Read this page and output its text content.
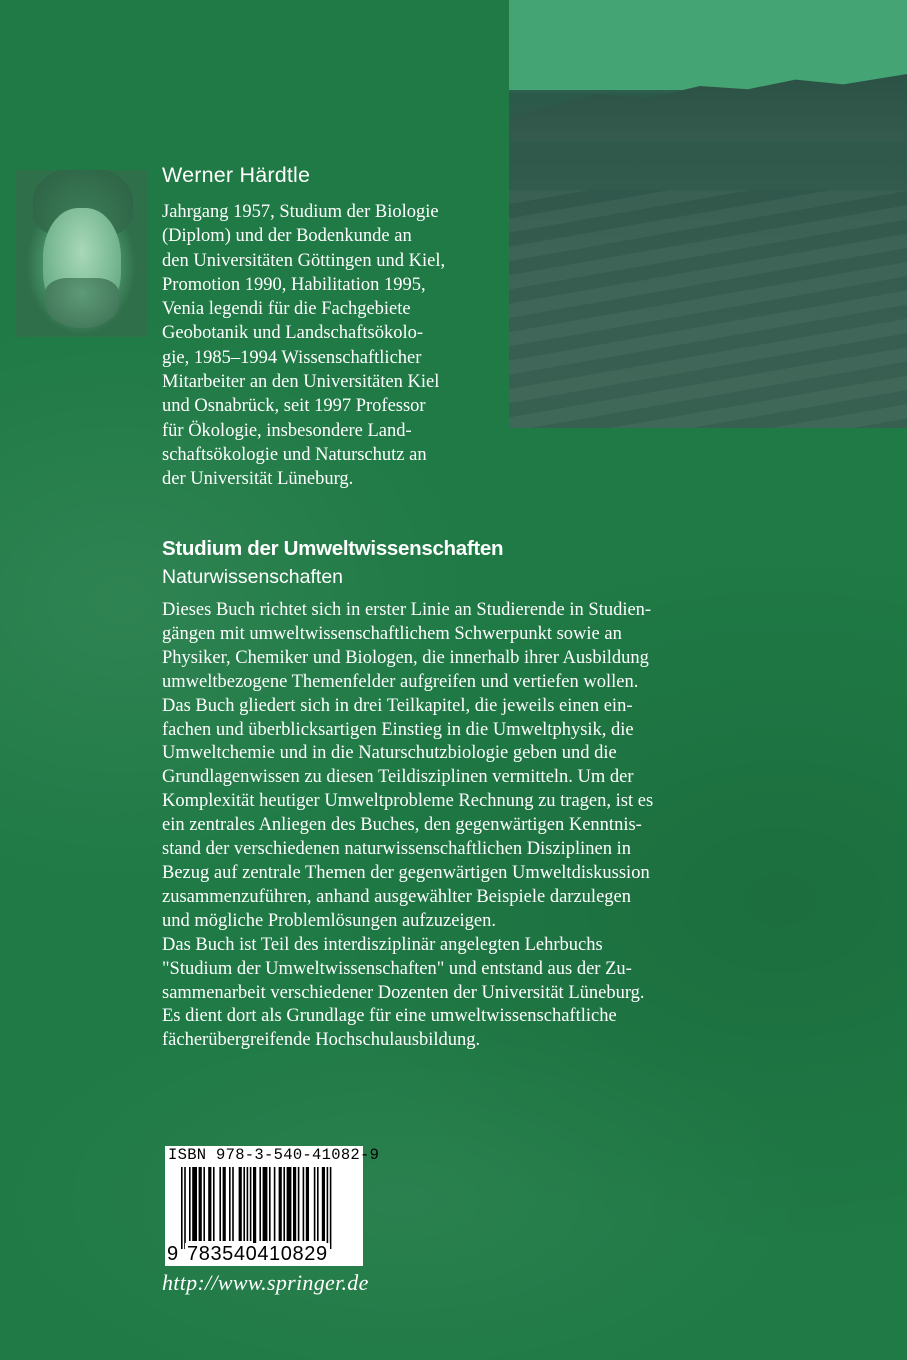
Werner Härdtle
Jahrgang 1957, Studium der Biologie
(Diplom) und der Bodenkunde an
den Universitäten Göttingen und Kiel,
Promotion 1990, Habilitation 1995,
Venia legendi für die Fachgebiete
Geobotanik und Landschaftsökolo-
gie, 1985–1994 Wissenschaftlicher
Mitarbeiter an den Universitäten Kiel
und Osnabrück, seit 1997 Professor
für Ökologie, insbesondere Land-
schaftsökologie und Naturschutz an
der Universität Lüneburg.
Studium der Umweltwissenschaften
Naturwissenschaften
Dieses Buch richtet sich in erster Linie an Studierende in Studien-
gängen mit umweltwissenschaftlichem Schwerpunkt sowie an
Physiker, Chemiker und Biologen, die innerhalb ihrer Ausbildung
umweltbezogene Themenfelder aufgreifen und vertiefen wollen.
Das Buch gliedert sich in drei Teilkapitel, die jeweils einen ein-
fachen und überblicksartigen Einstieg in die Umweltphysik, die
Umweltchemie und in die Naturschutzbiologie geben und die
Grundlagenwissen zu diesen Teildisziplinen vermitteln. Um der
Komplexität heutiger Umweltprobleme Rechnung zu tragen, ist es
ein zentrales Anliegen des Buches, den gegenwärtigen Kenntnis-
stand der verschiedenen naturwissenschaftlichen Disziplinen in
Bezug auf zentrale Themen der gegenwärtigen Umweltdiskussion
zusammenzuführen, anhand ausgewählter Beispiele darzulegen
und mögliche Problemlösungen aufzuzeigen.
Das Buch ist Teil des interdisziplinär angelegten Lehrbuchs
"Studium der Umweltwissenschaften" und entstand aus der Zu-
sammenarbeit verschiedener Dozenten der Universität Lüneburg.
Es dient dort als Grundlage für eine umweltwissenschaftliche
fächerübergreifende Hochschulausbildung.
ISBN 978-3-540-41082-9
9 783540410829
http://www.springer.de
